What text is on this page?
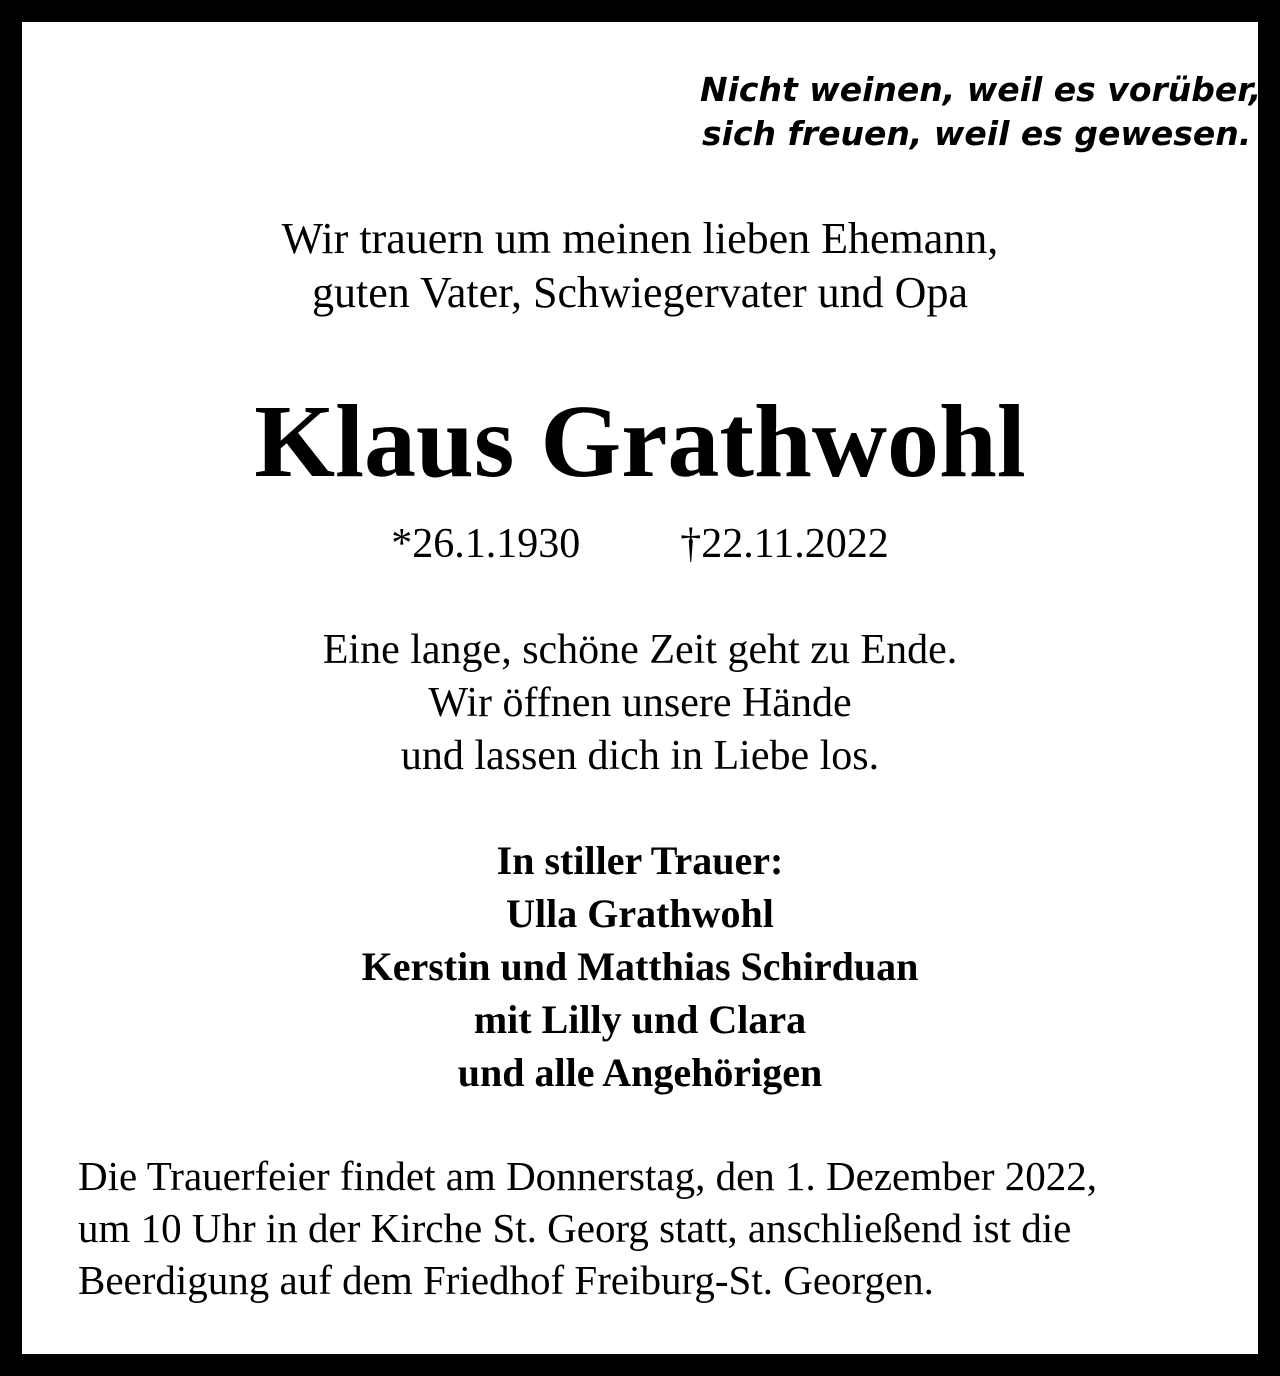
Nicht weinen, weil es vorüber,
sich freuen, weil es gewesen.
Wir trauern um meinen lieben Ehemann,
guten Vater, Schwiegervater und Opa
Klaus Grathwohl
*26.1.1930 †22.11.2022
Eine lange, schöne Zeit geht zu Ende.
Wir öffnen unsere Hände
und lassen dich in Liebe los.
In stiller Trauer:
Ulla Grathwohl
Kerstin und Matthias Schirduan
mit Lilly und Clara
und alle Angehörigen
Die Trauerfeier findet am Donnerstag, den 1. Dezember 2022,
um 10 Uhr in der Kirche St. Georg statt, anschließend ist die
Beerdigung auf dem Friedhof Freiburg-St. Georgen.
